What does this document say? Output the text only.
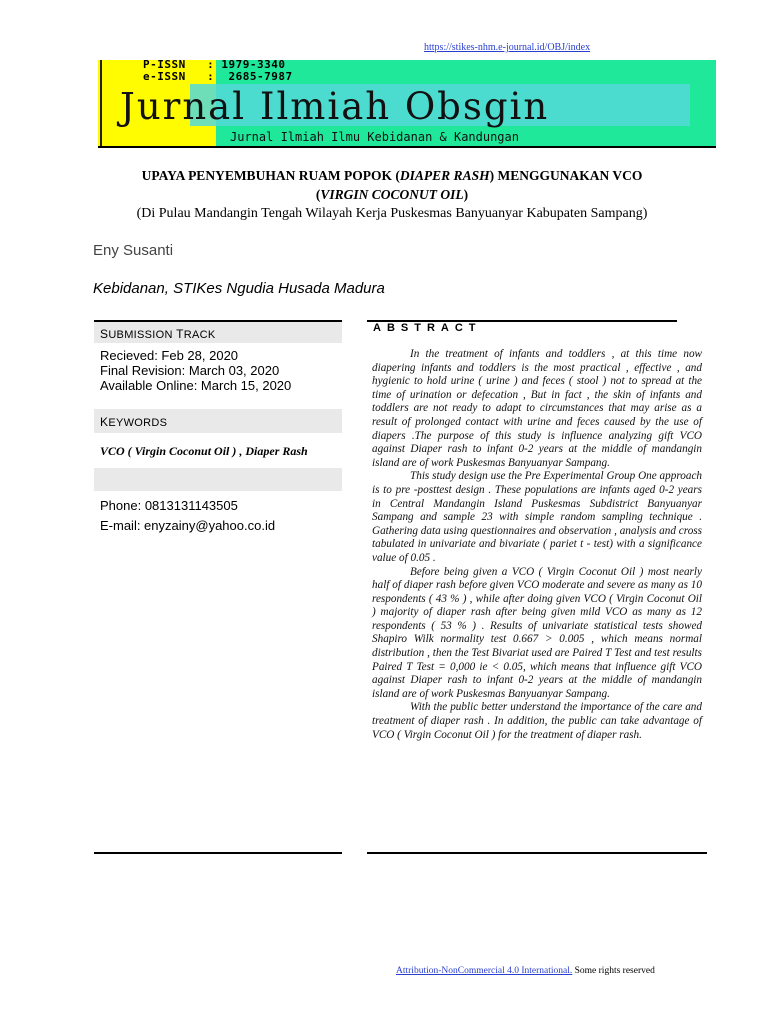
https://stikes-nhm.e-journal.id/OBJ/index
P-ISSN   : 1979-3340
e-ISSN   :  2685-7987
Jurnal Ilmiah Obsgin
Jurnal Ilmiah Ilmu Kebidanan & Kandungan
UPAYA PENYEMBUHAN RUAM POPOK (DIAPER RASH) MENGGUNAKAN VCO
(VIRGIN COCONUT OIL)
(Di Pulau Mandangin Tengah Wilayah Kerja Puskesmas Banyuanyar Kabupaten Sampang)
Eny Susanti
Kebidanan, STIKes Ngudia Husada Madura
SUBMISSION TRACK
Recieved: Feb 28, 2020
Final Revision: March 03, 2020
Available Online: March 15, 2020
KEYWORDS
VCO ( Virgin Coconut Oil ) , Diaper Rash
Phone: 0813131143505
E-mail: enyzainy@yahoo.co.id
ABSTRACT

In the treatment of infants and toddlers , at this time now diapering infants and toddlers is the most practical , effective , and hygienic to hold urine ( urine ) and feces ( stool ) not to spread at the time of urination or defecation , But in fact , the skin of infants and toddlers are not ready to adapt to circumstances that may arise as a result of prolonged contact with urine and feces caused by the use of diapers .The purpose of this study is influence analyzing gift VCO against Diaper rash to infant 0-2 years at the middle of mandangin island are of work Puskesmas Banyuanyar Sampang.

This study design use the Pre Experimental Group One approach is to pre -posttest design . These populations are infants aged 0-2 years in Central Mandangin Island Puskesmas Subdistrict Banyuanyar Sampang and sample 23 with simple random sampling technique . Gathering data using questionnaires and observation , analysis and cross tabulated in univariate and bivariate ( pariet t - test) with a significance value of 0.05 .

Before being given a VCO ( Virgin Coconut Oil ) most nearly half of diaper rash before given VCO moderate and severe as many as 10 respondents ( 43 % ) , while after doing given VCO ( Virgin Coconut Oil ) majority of diaper rash after being given mild VCO as many as 12 respondents ( 53 % ) . Results of univariate statistical tests showed Shapiro Wilk normality test 0.667 > 0.005 , which means normal distribution , then the Test Bivariat used are Paired T Test and test results Paired T Test = 0,000 ie < 0.05, which means that influence gift VCO against Diaper rash to infant 0-2 years at the middle of mandangin island are of work Puskesmas Banyuanyar Sampang.

With the public better understand the importance of the care and treatment of diaper rash . In addition, the public can take advantage of VCO ( Virgin Coconut Oil ) for the treatment of diaper rash.

Attribution-NonCommercial 4.0 International. Some rights reserved
